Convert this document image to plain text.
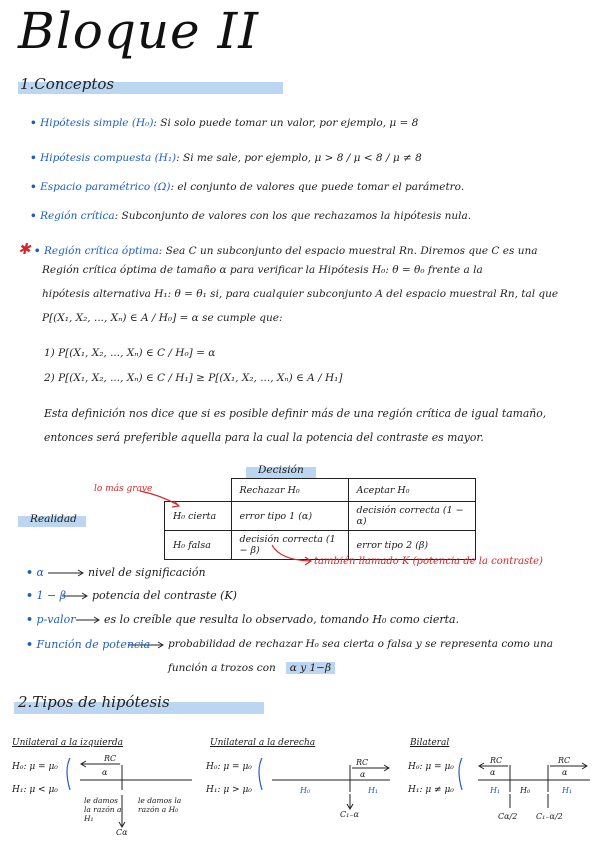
Bloque II
1.Conceptos
• Hipótesis simple (H₀): Si solo puede tomar un valor, por ejemplo, μ = 8
• Hipótesis compuesta (H₁): Si me sale, por ejemplo, μ > 8 / μ < 8 / μ ≠ 8
• Espacio paramétrico (Ω): el conjunto de valores que puede tomar el parámetro.
• Región crítica: Subconjunto de valores con los que rechazamos la hipótesis nula.
✱ • Región crítica óptima: Sea C un subconjunto del espacio muestral Rn. Diremos que C es una
Región crítica óptima de tamaño α para verificar la Hipótesis H₀: θ = θ₀ frente a la
hipótesis alternativa H₁: θ = θ₁ si, para cualquier subconjunto A del espacio muestral Rn, tal que
P[(X₁, X₂, ..., Xₙ) ∈ A / H₀] = α se cumple que:
1) P[(X₁, X₂, ..., Xₙ) ∈ C / H₀] = α
2) P[(X₁, X₂, ..., Xₙ) ∈ C / H₁] ≥ P[(X₁, X₂, ..., Xₙ) ∈ A / H₁]
Esta definición nos dice que si es posible definir más de una región crítica de igual tamaño,
entonces será preferible aquella para la cual la potencia del contraste es mayor.
Decisión
Realidad
lo más grave
		Rechazar H₀	Aceptar H₀
H₀ cierta	error tipo 1 (α)	decisión correcta (1 − α)
H₀ falsa	decisión correcta (1 − β)	error tipo 2 (β)
también llamado K (potencia de la contraste)
• α	nivel de significación
• 1 − β potencia del contraste (K)
• p-valor	es lo creíble que resulta lo observado, tomando H₀ como cierta.
• Función de potencia probabilidad de rechazar H₀ sea cierta o falsa y se representa como una
función a trozos con α y 1−β
2.Tipos de hipótesis
Unilateral a la izquierda
H₀: μ = μ₀
H₁: μ < μ₀
RC
α
le damos la razón a H₁
le damos la razón a H₀
Cα
Unilateral a la derecha
H₀: μ = μ₀
H₁: μ > μ₀
RC
α
H₀	H₁
C₁₋α
Bilateral
H₀: μ = μ₀
H₁: μ ≠ μ₀
RC
α
RC
α
H₁ H₀	H₁
Cα/2 C₁₋α/2
